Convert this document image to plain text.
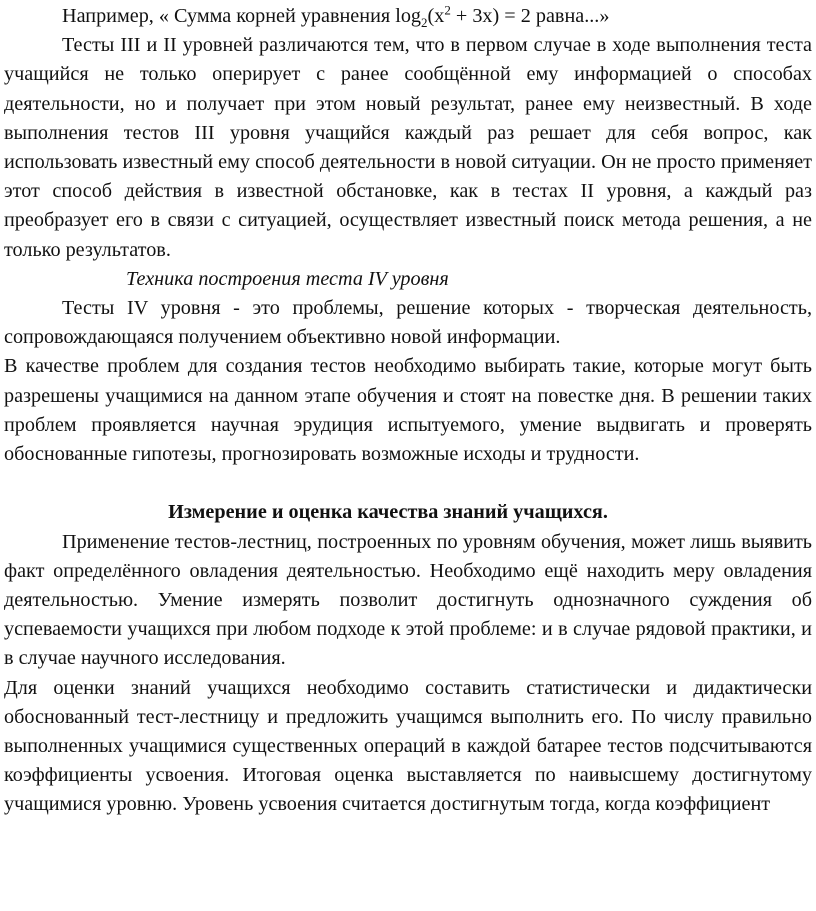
Например, « Сумма корней уравнения $\log_2(x^2 + 3x) = 2$ равна...»

Тесты III и II уровней различаются тем, что в первом случае в ходе выполнения теста учащийся не только оперирует с ранее сообщённой ему информацией о способах деятельности, но и получает при этом новый результат, ранее ему неизвестный. В ходе выполнения тестов III уровня учащийся каждый раз решает для себя вопрос, как использовать известный ему способ деятельности в новой ситуации. Он не просто применяет этот способ действия в известной обстановке, как в тестах II уровня, а каждый раз преобразует его в связи с ситуацией, осуществляет известный поиск метода решения, а не только результатов.

Техника построения теста IV уровня

Тесты IV уровня - это проблемы, решение которых - творческая деятельность, сопровождающаяся получением объективно новой информации.

В качестве проблем для создания тестов необходимо выбирать такие, которые могут быть разрешены учащимися на данном этапе обучения и стоят на повестке дня. В решении таких проблем проявляется научная эрудиция испытуемого, умение выдвигать и проверять обоснованные гипотезы, прогнозировать возможные исходы и трудности.

Измерение и оценка качества знаний учащихся.

Применение тестов-лестниц, построенных по уровням обучения, может лишь выявить факт определённого овладения деятельностью. Необходимо ещё находить меру овладения деятельностью. Умение измерять позволит достигнуть однозначного суждения об успеваемости учащихся при любом подходе к этой проблеме: и в случае рядовой практики, и в случае научного исследования.

Для оценки знаний учащихся необходимо составить статистически и дидактически обоснованный тест-лестницу и предложить учащимся выполнить его. По числу правильно выполненных учащимися существенных операций в каждой батарее тестов подсчитываются коэффициенты усвоения. Итоговая оценка выставляется по наивысшему достигнутому учащимися уровню. Уровень усвоения считается достигнутым тогда, когда коэффициент
